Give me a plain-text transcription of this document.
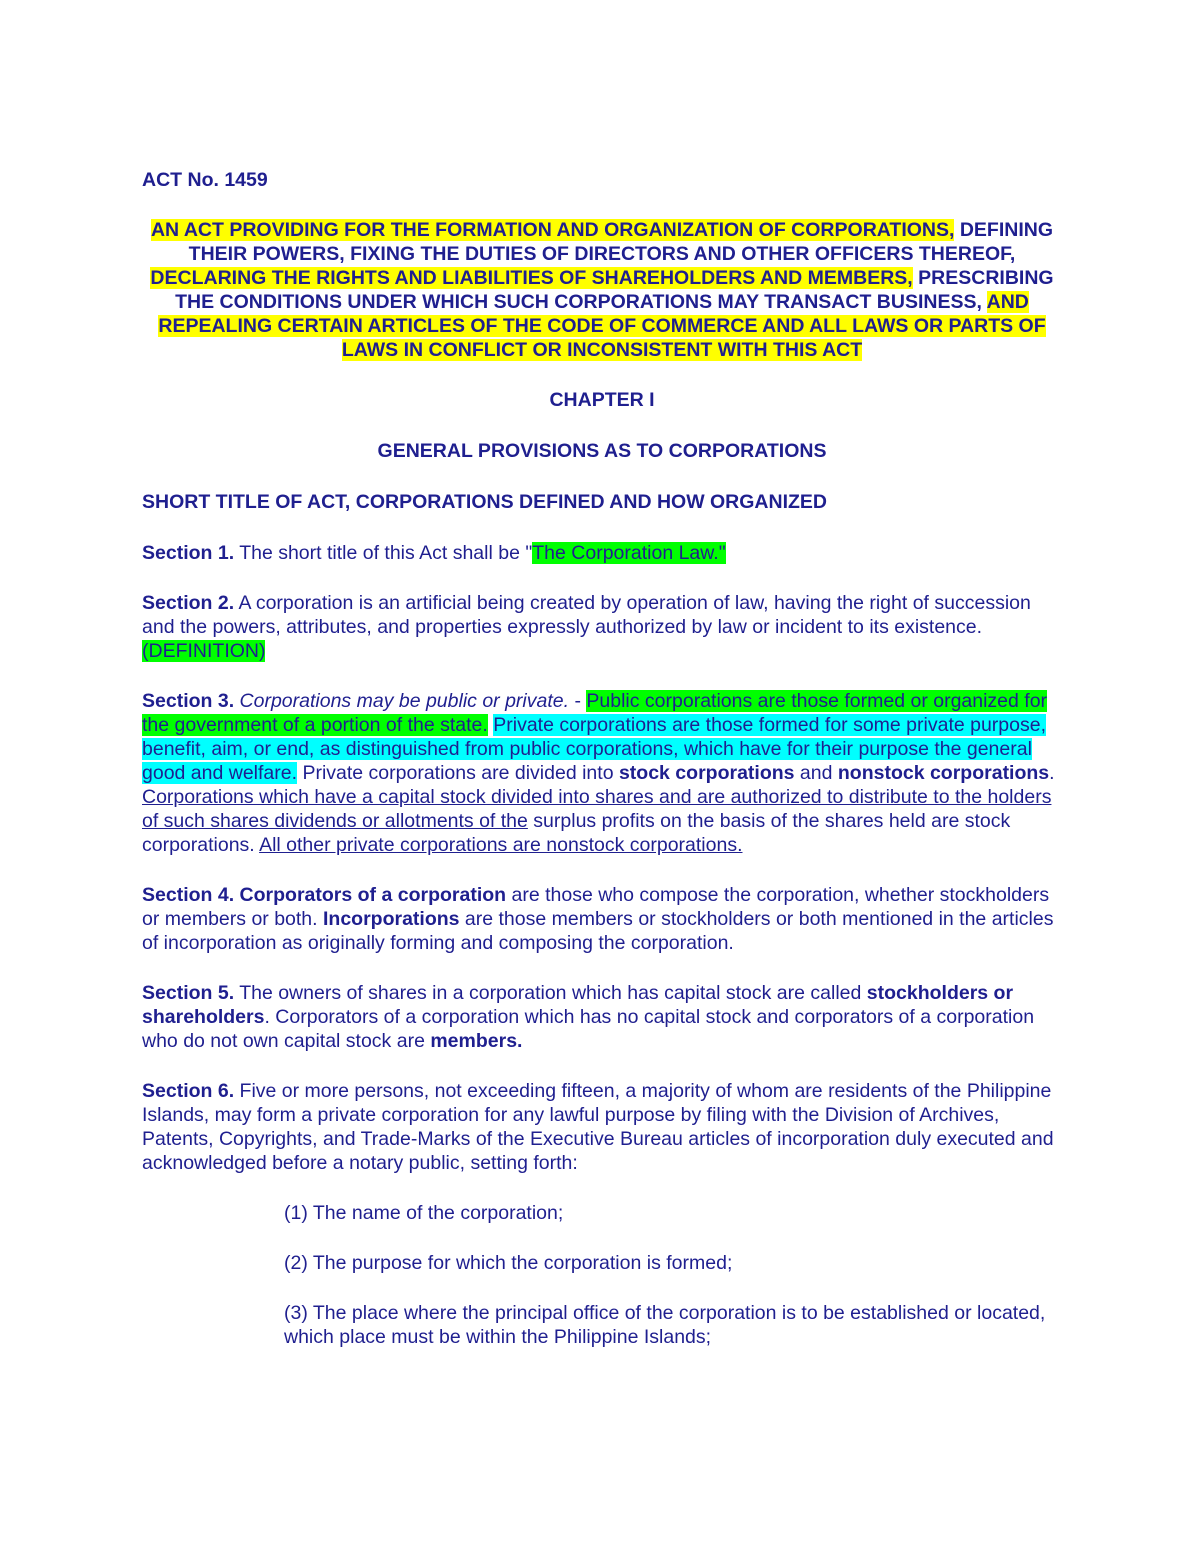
ACT No. 1459
AN ACT PROVIDING FOR THE FORMATION AND ORGANIZATION OF CORPORATIONS, DEFINING THEIR POWERS, FIXING THE DUTIES OF DIRECTORS AND OTHER OFFICERS THEREOF, DECLARING THE RIGHTS AND LIABILITIES OF SHAREHOLDERS AND MEMBERS, PRESCRIBING THE CONDITIONS UNDER WHICH SUCH CORPORATIONS MAY TRANSACT BUSINESS, AND REPEALING CERTAIN ARTICLES OF THE CODE OF COMMERCE AND ALL LAWS OR PARTS OF LAWS IN CONFLICT OR INCONSISTENT WITH THIS ACT
CHAPTER I
GENERAL PROVISIONS AS TO CORPORATIONS
SHORT TITLE OF ACT, CORPORATIONS DEFINED AND HOW ORGANIZED
Section 1. The short title of this Act shall be "The Corporation Law."
Section 2. A corporation is an artificial being created by operation of law, having the right of succession and the powers, attributes, and properties expressly authorized by law or incident to its existence. (DEFINITION)
Section 3. Corporations may be public or private. - Public corporations are those formed or organized for the government of a portion of the state. Private corporations are those formed for some private purpose, benefit, aim, or end, as distinguished from public corporations, which have for their purpose the general good and welfare. Private corporations are divided into stock corporations and nonstock corporations. Corporations which have a capital stock divided into shares and are authorized to distribute to the holders of such shares dividends or allotments of the surplus profits on the basis of the shares held are stock corporations. All other private corporations are nonstock corporations.
Section 4. Corporators of a corporation are those who compose the corporation, whether stockholders or members or both. Incorporations are those members or stockholders or both mentioned in the articles of incorporation as originally forming and composing the corporation.
Section 5. The owners of shares in a corporation which has capital stock are called stockholders or shareholders. Corporators of a corporation which has no capital stock and corporators of a corporation who do not own capital stock are members.
Section 6. Five or more persons, not exceeding fifteen, a majority of whom are residents of the Philippine Islands, may form a private corporation for any lawful purpose by filing with the Division of Archives, Patents, Copyrights, and Trade-Marks of the Executive Bureau articles of incorporation duly executed and acknowledged before a notary public, setting forth:
(1) The name of the corporation;
(2) The purpose for which the corporation is formed;
(3) The place where the principal office of the corporation is to be established or located, which place must be within the Philippine Islands;
